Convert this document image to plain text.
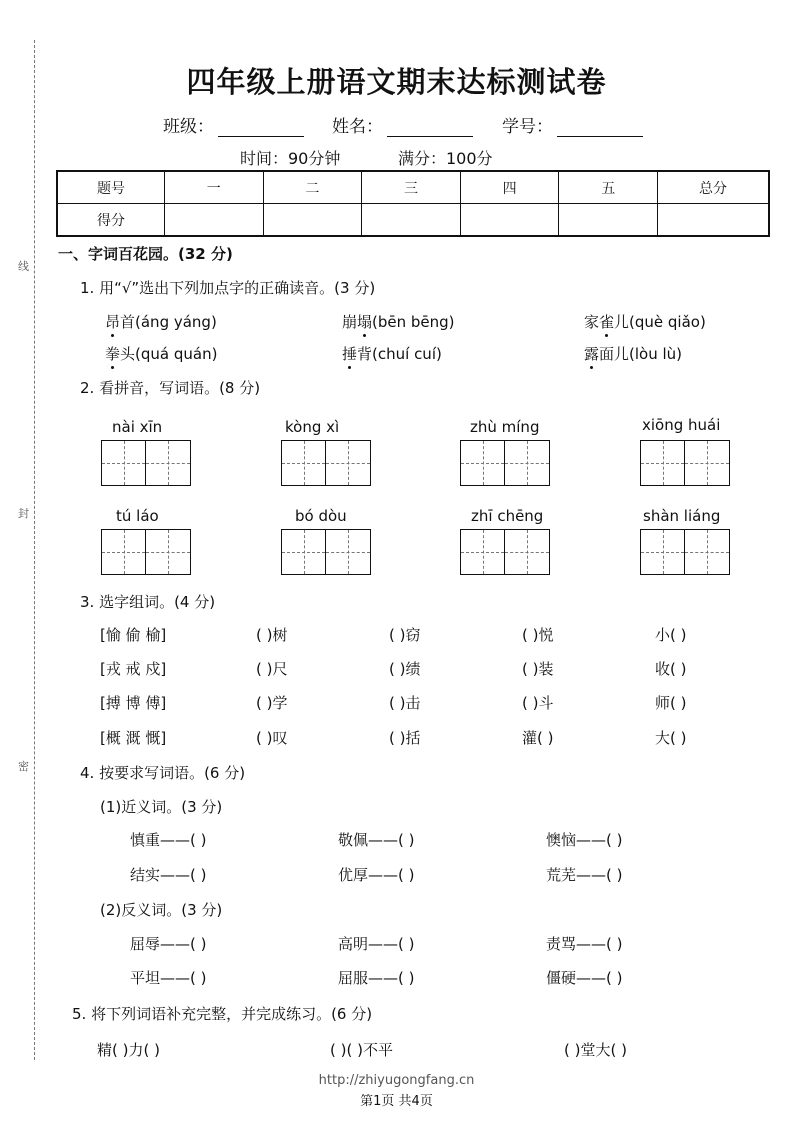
线
封
密
四年级上册语文期末达标测试卷
班级：	姓名：	学号：
时间：90分钟	满分：100分
题号	一	二	三	四	五	总分
得分						
一、字词百花园。(32 分)
1. 用“√”选出下列加点字的正确读音。(3 分)
昂首(áng yáng)	崩塌(bēn bēng)	家雀儿(què qiǎo)
拳头(quá quán)	捶背(chuí cuí)	露面儿(lòu lù)
2. 看拼音，写词语。(8 分)
nài xīn	kòng xì	zhù míng	xiōng huái
tú láo	bó dòu	zhī chēng	shàn liáng
3. 选字组词。(4 分)
[愉 偷 榆]	( )树	( )窃	( )悦	小( )
[戎 戒 戍]	( )尺	( )绩	( )装	收( )
[搏 博 傅]	( )学	( )击	( )斗	师( )
[概 溉 慨]	( )叹	( )括	灌( )	大( )
4. 按要求写词语。(6 分)
(1)近义词。(3 分)
慎重——( )	敬佩——( )	懊恼——( )
结实——( )	优厚——( )	荒芜——( )
(2)反义词。(3 分)
屈辱——( )	高明——( )	责骂——( )
平坦——( )	屈服——( )	僵硬——( )
5. 将下列词语补充完整，并完成练习。(6 分)
精( )力( )	( )( )不平	( )堂大( )
http://zhiyugongfang.cn
第1页 共4页
